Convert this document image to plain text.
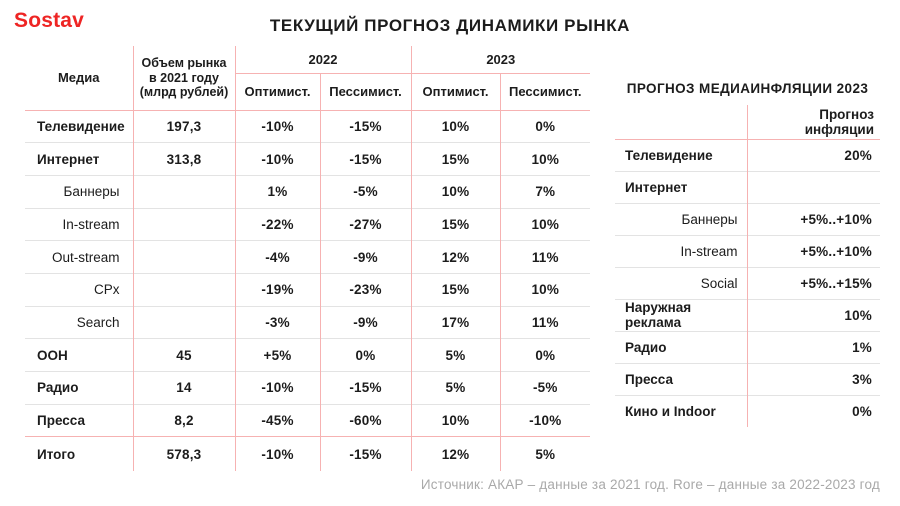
Sostav	ТЕКУЩИЙ ПРОГНОЗ ДИНАМИКИ РЫНКА
Медиа	Объем рынка в 2021 году (млрд рублей)	2022		2023	
		Оптимист.	Пессимист.	Оптимист.	Пессимист.
Телевидение	197,3	-10%	-15%	10%	0%
Интернет	313,8	-10%	-15%	15%	10%
Баннеры		1%	-5%	10%	7%
In-stream		-22%	-27%	15%	10%
Out-stream		-4%	-9%	12%	11%
CPx		-19%	-23%	15%	10%
Search		-3%	-9%	17%	11%
OOH	45	+5%	0%	5%	0%
Радио	14	-10%	-15%	5%	-5%
Пресса	8,2	-45%	-60%	10%	-10%
Итого	578,3	-10%	-15%	12%	5%
ПРОГНОЗ МЕДИАИНФЛЯЦИИ 2023
	Прогноз инфляции
Телевидение	20%
Интернет	
Баннеры	+5%..+10%
In-stream	+5%..+10%
Social	+5%..+15%
Наружная реклама	10%
Радио	1%
Пресса	3%
Кино и Indoor	0%
Источник: АКАР – данные за 2021 год. Rore – данные за 2022-2023 год
